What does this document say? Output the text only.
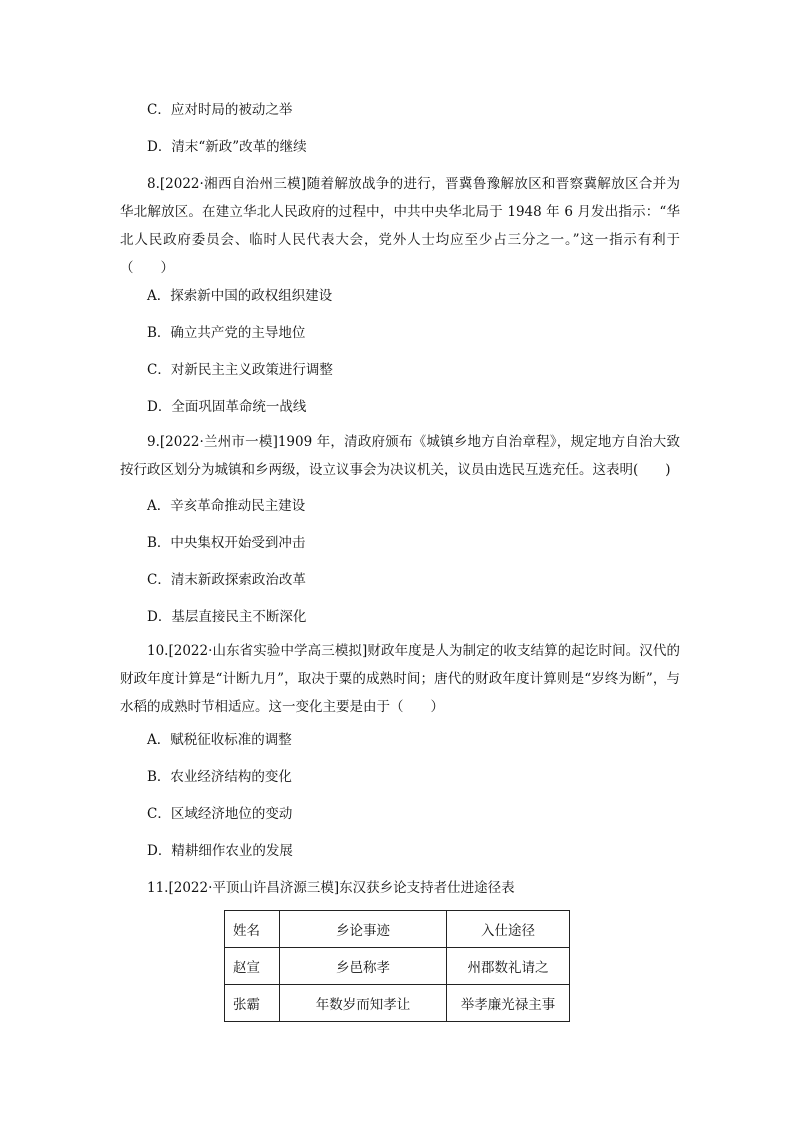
C．应对时局的被动之举
D．清末“新政”改革的继续
8.[2022·湘西自治州三模]随着解放战争的进行，晋冀鲁豫解放区和晋察冀解放区合并为华北解放区。在建立华北人民政府的过程中，中共中央华北局于 1948 年 6 月发出指示：“华北人民政府委员会、临时人民代表大会，党外人士均应至少占三分之一。”这一指示有利于（　　）
A．探索新中国的政权组织建设
B．确立共产党的主导地位
C．对新民主主义政策进行调整
D．全面巩固革命统一战线
9.[2022·兰州市一模]1909 年，清政府颁布《城镇乡地方自治章程》，规定地方自治大致按行政区划分为城镇和乡两级，设立议事会为决议机关，议员由选民互选充任。这表明(　　)
A．辛亥革命推动民主建设
B．中央集权开始受到冲击
C．清末新政探索政治改革
D．基层直接民主不断深化
10.[2022·山东省实验中学高三模拟]财政年度是人为制定的收支结算的起讫时间。汉代的财政年度计算是“计断九月”，取决于粟的成熟时间；唐代的财政年度计算则是“岁终为断”，与水稻的成熟时节相适应。这一变化主要是由于（　　）
A．赋税征收标准的调整
B．农业经济结构的变化
C．区域经济地位的变动
D．精耕细作农业的发展
11.[2022·平顶山许昌济源三模]东汉获乡论支持者仕进途径表
姓名	乡论事迹	入仕途径
赵宣	乡邑称孝	州郡数礼请之
张霸	年数岁而知孝让	举孝廉光禄主事
